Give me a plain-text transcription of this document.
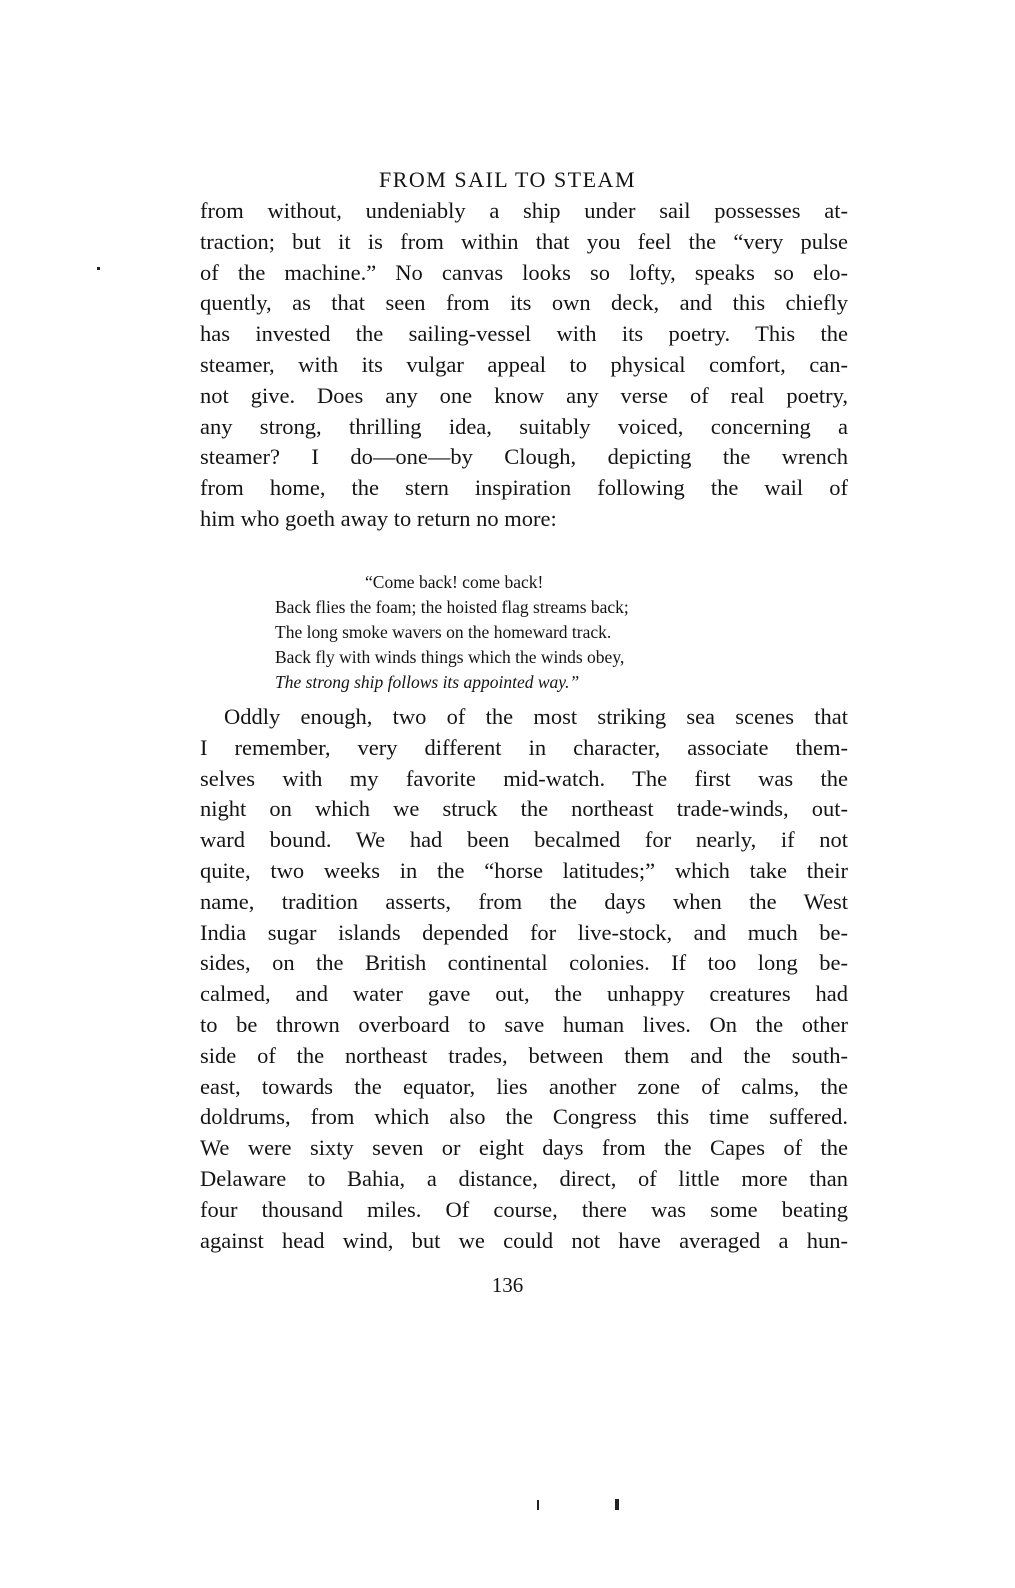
FROM SAIL TO STEAM
from without, undeniably a ship under sail possesses at-
traction; but it is from within that you feel the “very pulse
of the machine.” No canvas looks so lofty, speaks so elo-
quently, as that seen from its own deck, and this chiefly
has invested the sailing-vessel with its poetry. This the
steamer, with its vulgar appeal to physical comfort, can-
not give. Does any one know any verse of real poetry,
any strong, thrilling idea, suitably voiced, concerning a
steamer? I do—one—by Clough, depicting the wrench
from home, the stern inspiration following the wail of
him who goeth away to return no more:
“Come back! come back!
Back flies the foam; the hoisted flag streams back;
The long smoke wavers on the homeward track.
Back fly with winds things which the winds obey,
The strong ship follows its appointed way.”
Oddly enough, two of the most striking sea scenes that
I remember, very different in character, associate them-
selves with my favorite mid-watch. The first was the
night on which we struck the northeast trade-winds, out-
ward bound. We had been becalmed for nearly, if not
quite, two weeks in the “horse latitudes;” which take their
name, tradition asserts, from the days when the West
India sugar islands depended for live-stock, and much be-
sides, on the British continental colonies. If too long be-
calmed, and water gave out, the unhappy creatures had
to be thrown overboard to save human lives. On the other
side of the northeast trades, between them and the south-
east, towards the equator, lies another zone of calms, the
doldrums, from which also the Congress this time suffered.
We were sixty seven or eight days from the Capes of the
Delaware to Bahia, a distance, direct, of little more than
four thousand miles. Of course, there was some beating
against head wind, but we could not have averaged a hun-
136
